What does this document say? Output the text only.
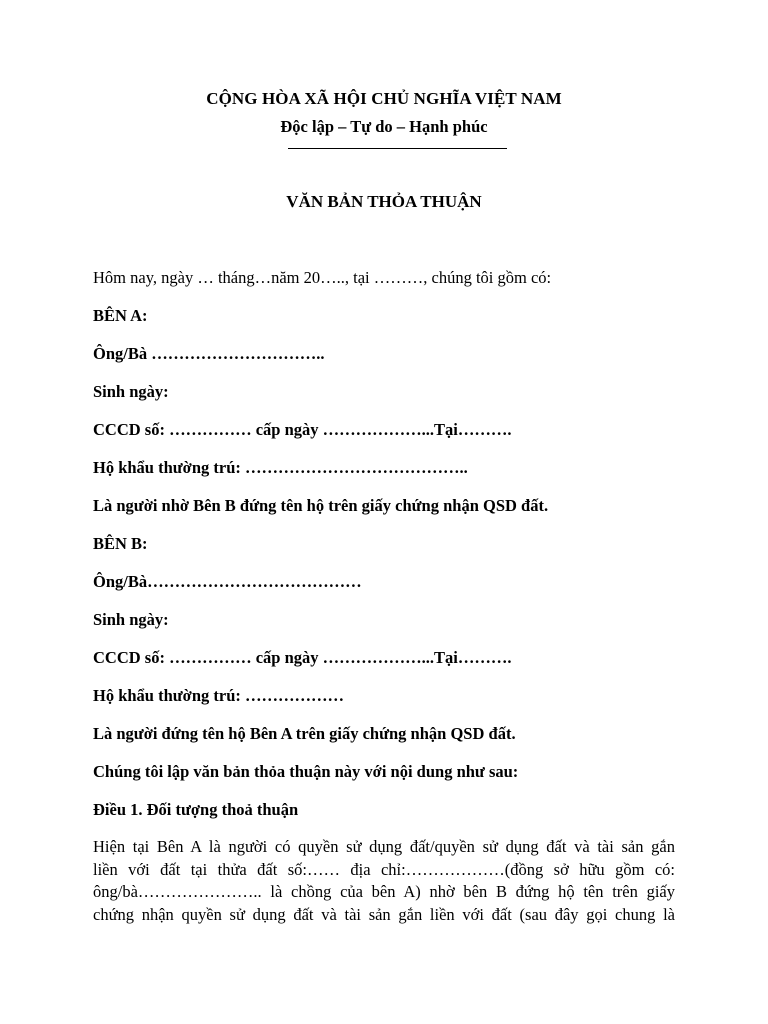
CỘNG HÒA XÃ HỘI CHỦ NGHĨA VIỆT NAM
Độc lập – Tự do – Hạnh phúc
VĂN BẢN THỎA THUẬN
Hôm nay, ngày … tháng…năm 20….., tại ………, chúng tôi gồm có:
BÊN A:
Ông/Bà …………………………..
Sinh ngày:
CCCD số: …………… cấp ngày ………………...Tại……….
Hộ khẩu thường trú: …………………………………..
Là người nhờ Bên B đứng tên hộ trên giấy chứng nhận QSD đất.
BÊN B:
Ông/Bà…………………………………
Sinh ngày:
CCCD số: …………… cấp ngày ………………...Tại……….
Hộ khẩu thường trú: ………………
Là người đứng tên hộ Bên A trên giấy chứng nhận QSD đất.
Chúng tôi lập văn bản thỏa thuận này với nội dung như sau:
Điều 1. Đối tượng thoả thuận
Hiện tại Bên A là người có quyền sử dụng đất/quyền sử dụng đất và tài sản gắn
liền với đất tại thửa đất số:…… địa chỉ:………………(đồng sở hữu gồm có:
ông/bà………………….. là chồng của bên A) nhờ bên B đứng hộ tên trên giấy
chứng nhận quyền sử dụng đất và tài sản gắn liền với đất (sau đây gọi chung là
